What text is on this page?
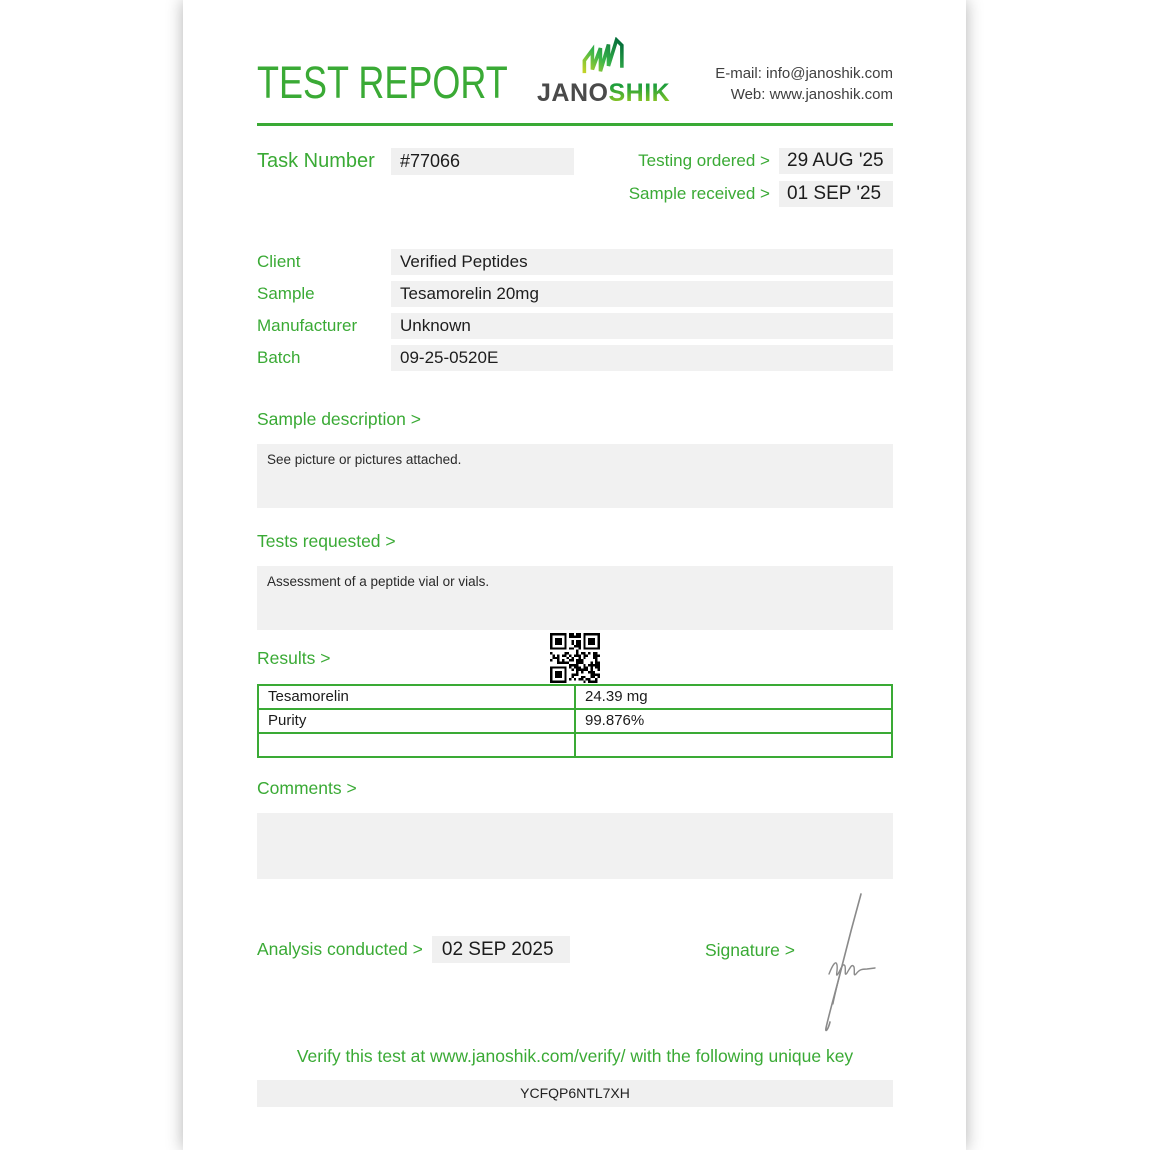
TEST REPORT JANOSHIK
E-mail: info@janoshik.com
Web: www.janoshik.com
Task Number	#77066	Testing ordered > 29 AUG '25
Sample received > 01 SEP '25
Client	Verified Peptides
Sample	Tesamorelin 20mg
Manufacturer	Unknown
Batch	09-25-0520E
Sample description >
See picture or pictures attached.
Tests requested >
Assessment of a peptide vial or vials.
Results >
Tesamorelin	24.39 mg
Purity	99.876%

Comments >
Analysis conducted >	02 SEP 2025	Signature >
Verify this test at www.janoshik.com/verify/ with the following unique key
YCFQP6NTL7XH
